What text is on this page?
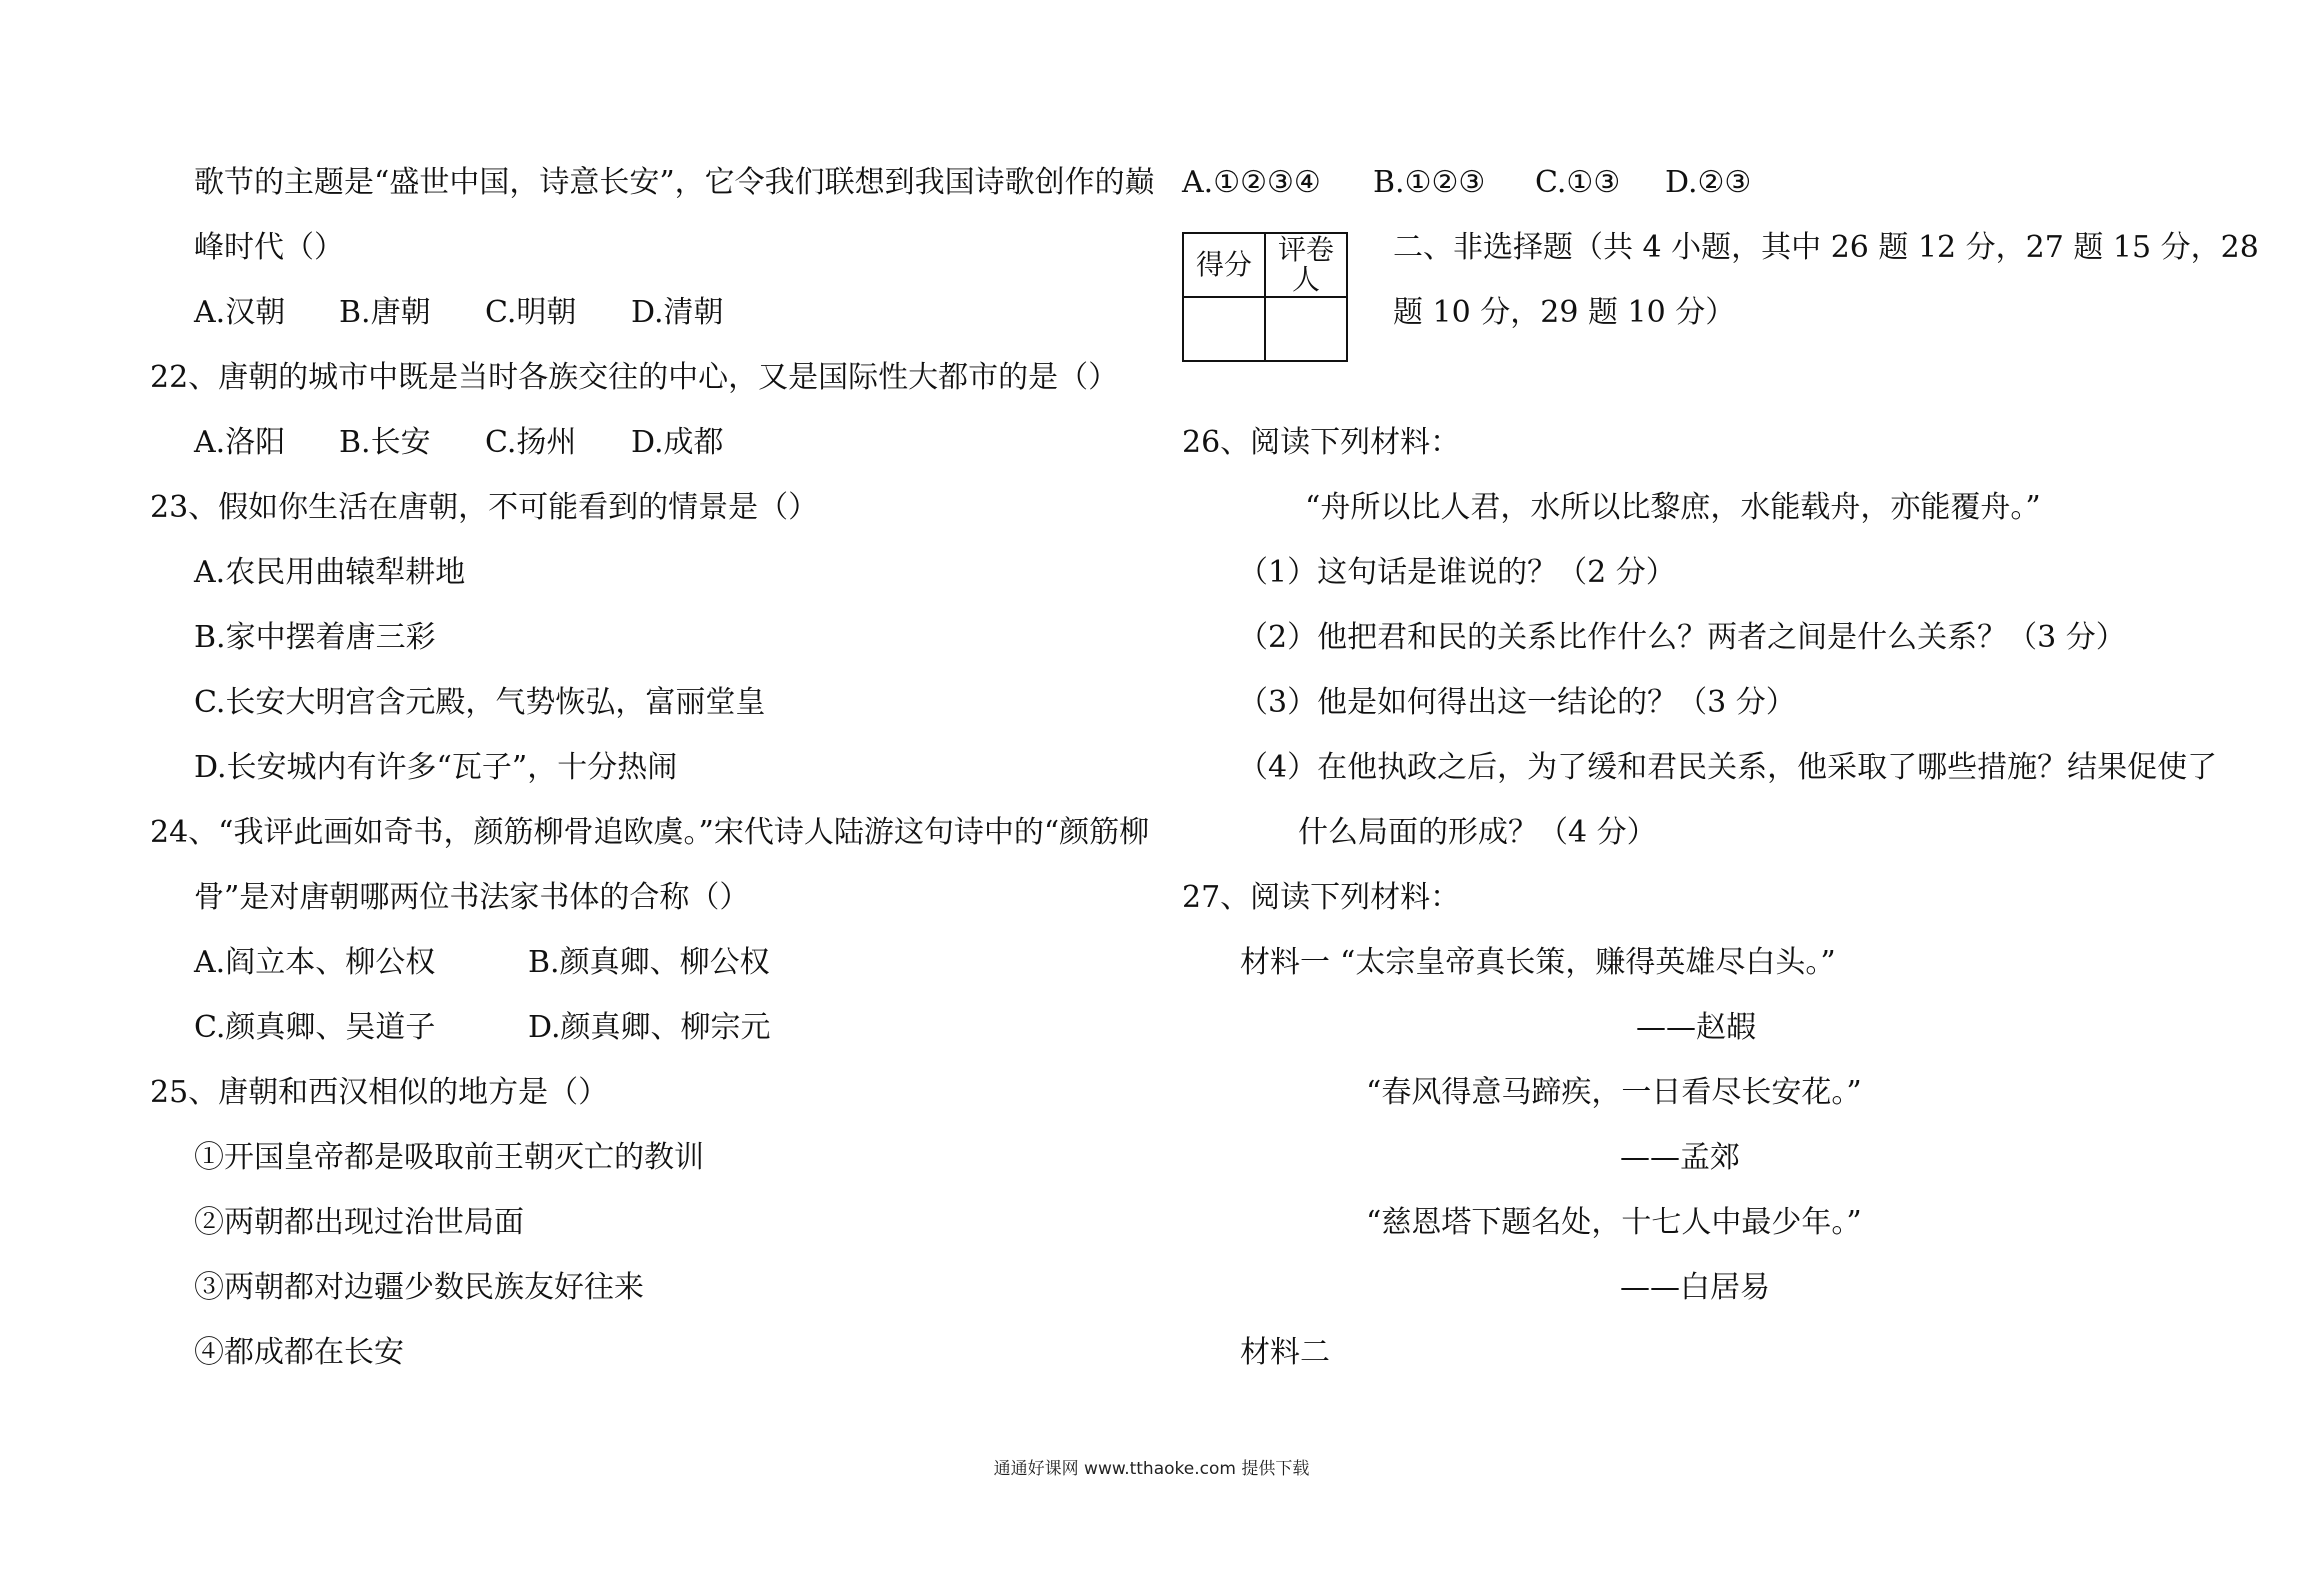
歌节的主题是“盛世中国，诗意长安”，它令我们联想到我国诗歌创作的巅
峰时代（）
A.汉朝 B.唐朝 C.明朝 D.清朝
22、唐朝的城市中既是当时各族交往的中心，又是国际性大都市的是（）
A.洛阳 B.长安 C.扬州 D.成都
23、假如你生活在唐朝，不可能看到的情景是（）
A.农民用曲辕犁耕地
B.家中摆着唐三彩
C.长安大明宫含元殿，气势恢弘，富丽堂皇
D.长安城内有许多“瓦子”，十分热闹
24、“我评此画如奇书，颜筋柳骨追欧虞。”宋代诗人陆游这句诗中的“颜筋柳
骨”是对唐朝哪两位书法家书体的合称（）
A.阎立本、柳公权	B.颜真卿、柳公权
C.颜真卿、吴道子	D.颜真卿、柳宗元
25、唐朝和西汉相似的地方是（）
①开国皇帝都是吸取前王朝灭亡的教训
②两朝都出现过治世局面
③两朝都对边疆少数民族友好往来
④都成都在长安
A.①②③④ B.①②③ C.①③ D.②③
得分	评卷人

二、非选择题（共 4 小题，其中 26 题 12 分，27 题 15 分，28
题 10 分，29 题 10 分）
26、阅读下列材料：
“舟所以比人君，水所以比黎庶，水能载舟，亦能覆舟。”
（1）这句话是谁说的？（2 分）
（2）他把君和民的关系比作什么？两者之间是什么关系？（3 分）
（3）他是如何得出这一结论的？（3 分）
（4）在他执政之后，为了缓和君民关系，他采取了哪些措施？结果促使了
什么局面的形成？（4 分）
27、阅读下列材料：
材料一 “太宗皇帝真长策，赚得英雄尽白头。”
——赵嘏
“春风得意马蹄疾，一日看尽长安花。”
——孟郊
“慈恩塔下题名处，十七人中最少年。”
——白居易
材料二
通通好课网 www.tthaoke.com 提供下载
